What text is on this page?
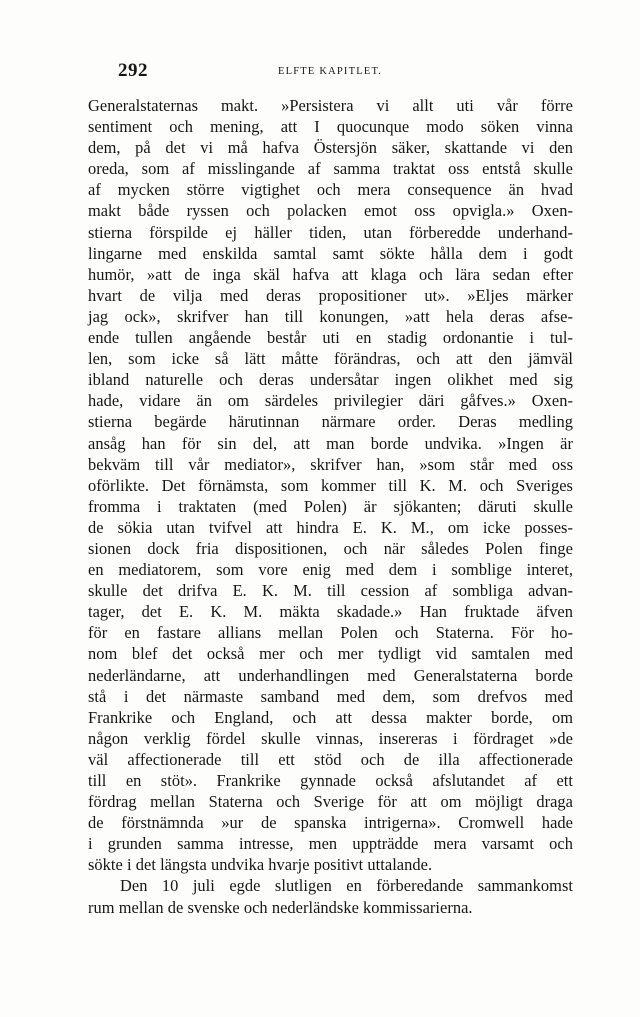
292	ELFTE KAPITLET.
Generalstaternas makt. »Persistera vi allt uti vår förre
sentiment och mening, att I quocunque modo söken vinna
dem, på det vi må hafva Östersjön säker, skattande vi den
oreda, som af misslingande af samma traktat oss entstå skulle
af mycken större vigtighet och mera consequence än hvad
makt både ryssen och polacken emot oss opvigla.» Oxen-
stierna förspilde ej häller tiden, utan förberedde underhand-
lingarne med enskilda samtal samt sökte hålla dem i godt
humör, »att de inga skäl hafva att klaga och lära sedan efter
hvart de vilja med deras propositioner ut». »Eljes märker
jag ock», skrifver han till konungen, »att hela deras afse-
ende tullen angående består uti en stadig ordonantie i tul-
len, som icke så lätt måtte förändras, och att den jämväl
ibland naturelle och deras undersåtar ingen olikhet med sig
hade, vidare än om särdeles privilegier däri gåfves.» Oxen-
stierna begärde härutinnan närmare order. Deras medling
ansåg han för sin del, att man borde undvika. »Ingen är
bekväm till vår mediator», skrifver han, »som står med oss
oförlikte. Det förnämsta, som kommer till K. M. och Sveriges
fromma i traktaten (med Polen) är sjökanten; däruti skulle
de sökia utan tvifvel att hindra E. K. M., om icke posses-
sionen dock fria dispositionen, och när således Polen finge
en mediatorem, som vore enig med dem i somblige interet,
skulle det drifva E. K. M. till cession af sombliga advan-
tager, det E. K. M. mäkta skadade.» Han fruktade äfven
för en fastare allians mellan Polen och Staterna. För ho-
nom blef det också mer och mer tydligt vid samtalen med
nederländarne, att underhandlingen med Generalstaterna borde
stå i det närmaste samband med dem, som drefvos med
Frankrike och England, och att dessa makter borde, om
någon verklig fördel skulle vinnas, insereras i fördraget »de
väl affectionerade till ett stöd och de illa affectionerade
till en stöt». Frankrike gynnade också afslutandet af ett
fördrag mellan Staterna och Sverige för att om möjligt draga
de förstnämnda »ur de spanska intrigerna». Cromwell hade
i grunden samma intresse, men uppträdde mera varsamt och
sökte i det längsta undvika hvarje positivt uttalande.
Den 10 juli egde slutligen en förberedande sammankomst
rum mellan de svenske och nederländske kommissarierna.
